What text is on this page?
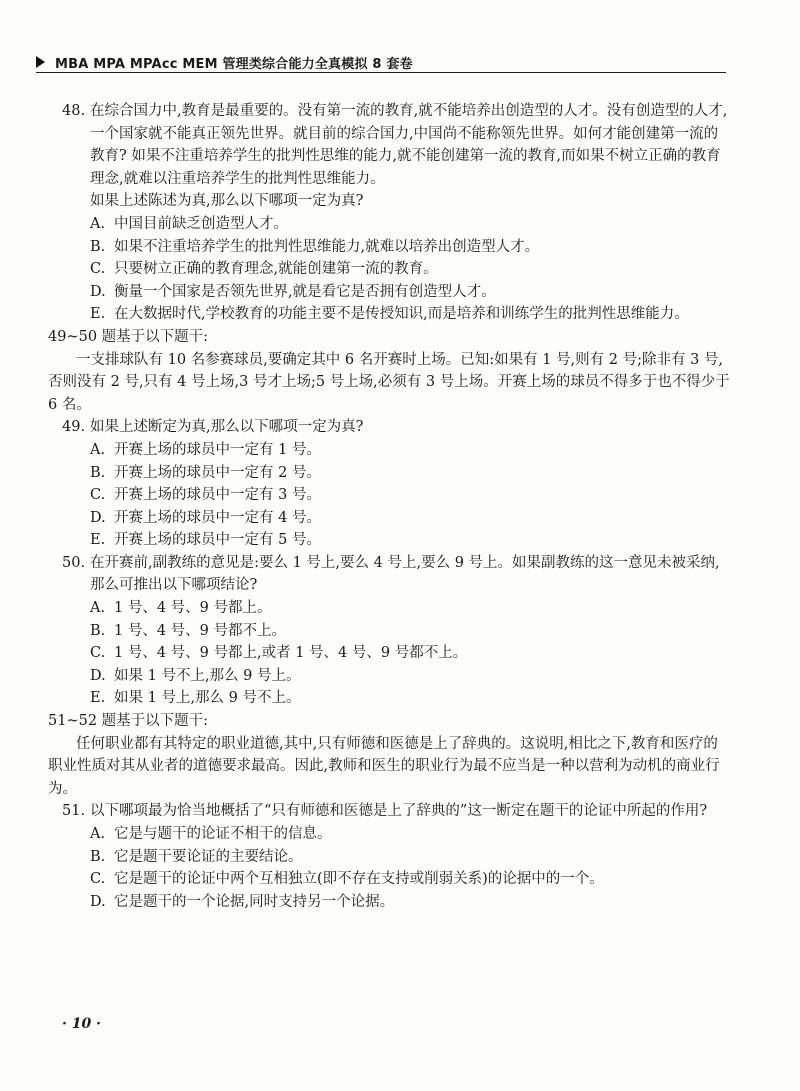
MBA MPA MPAcc MEM 管理类综合能力全真模拟 8 套卷
48. 在综合国力中,教育是最重要的。没有第一流的教育,就不能培养出创造型的人才。没有创造型的人才,一个国家就不能真正领先世界。就目前的综合国力,中国尚不能称领先世界。如何才能创建第一流的教育? 如果不注重培养学生的批判性思维的能力,就不能创建第一流的教育,而如果不树立正确的教育理念,就难以注重培养学生的批判性思维能力。

如果上述陈述为真,那么以下哪项一定为真?

A. 中国目前缺乏创造型人才。
B. 如果不注重培养学生的批判性思维能力,就难以培养出创造型人才。
C. 只要树立正确的教育理念,就能创建第一流的教育。
D. 衡量一个国家是否领先世界,就是看它是否拥有创造型人才。
E. 在大数据时代,学校教育的功能主要不是传授知识,而是培养和训练学生的批判性思维能力。

49~50 题基于以下题干:

一支排球队有 10 名参赛球员,要确定其中 6 名开赛时上场。已知:如果有 1 号,则有 2 号;除非有 3 号,否则没有 2 号,只有 4 号上场,3 号才上场;5 号上场,必须有 3 号上场。开赛上场的球员不得多于也不得少于 6 名。

49. 如果上述断定为真,那么以下哪项一定为真?

A. 开赛上场的球员中一定有 1 号。
B. 开赛上场的球员中一定有 2 号。
C. 开赛上场的球员中一定有 3 号。
D. 开赛上场的球员中一定有 4 号。
E. 开赛上场的球员中一定有 5 号。
50. 在开赛前,副教练的意见是:要么 1 号上,要么 4 号上,要么 9 号上。如果副教练的这一意见未被采纳,那么可推出以下哪项结论?

A. 1 号、4 号、9 号都上。
B. 1 号、4 号、9 号都不上。
C. 1 号、4 号、9 号都上,或者 1 号、4 号、9 号都不上。
D. 如果 1 号不上,那么 9 号上。
E. 如果 1 号上,那么 9 号不上。

51~52 题基于以下题干:

任何职业都有其特定的职业道德,其中,只有师德和医德是上了辞典的。这说明,相比之下,教育和医疗的职业性质对其从业者的道德要求最高。因此,教师和医生的职业行为最不应当是一种以营利为动机的商业行为。

51. 以下哪项最为恰当地概括了“只有师德和医德是上了辞典的”这一断定在题干的论证中所起的作用?

A. 它是与题干的论证不相干的信息。
B. 它是题干要论证的主要结论。
C. 它是题干的论证中两个互相独立(即不存在支持或削弱关系)的论据中的一个。
D. 它是题干的一个论据,同时支持另一个论据。
· 10 ·
